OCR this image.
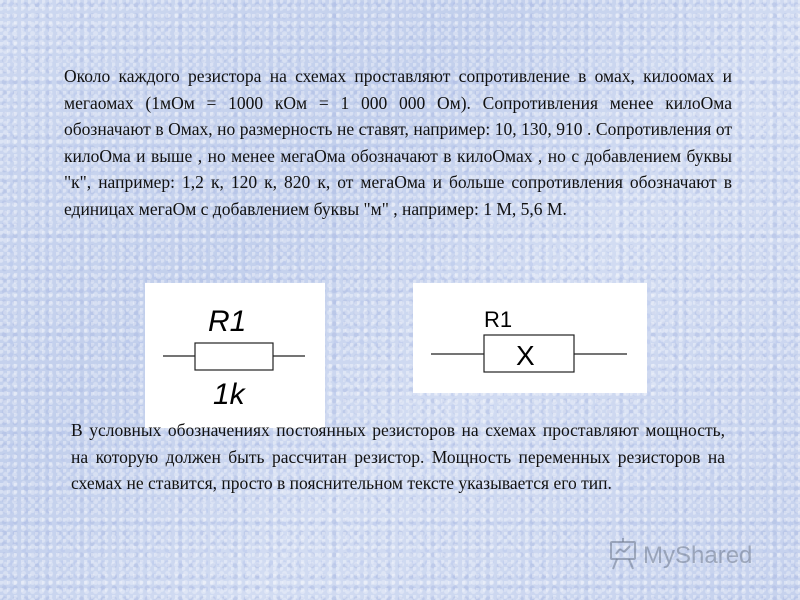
Около каждого резистора на схемах проставляют сопротивление в омах, килоомах и мегаомах (1мОм = 1000 кОм = 1 000 000 Ом). Сопротивления менее килоОма обозначают в Омах, но размерность не ставят, например: 10, 130, 910 . Сопротивления от килоОма и выше , но менее мегаОма обозначают в килоОмах , но с добавлением буквы "к", например: 1,2 к, 120 к, 820 к, от мегаОма и больше сопротивления обозначают в единицах мегаОм с добавлением буквы "м" , например: 1 М, 5,6 М.

R1
1k
R1
X

В условных обозначениях постоянных резисторов на схемах проставляют мощность, на которую должен быть рассчитан резистор. Мощность переменных резисторов на схемах не ставится, просто в пояснительном тексте указывается его тип.

MyShared
